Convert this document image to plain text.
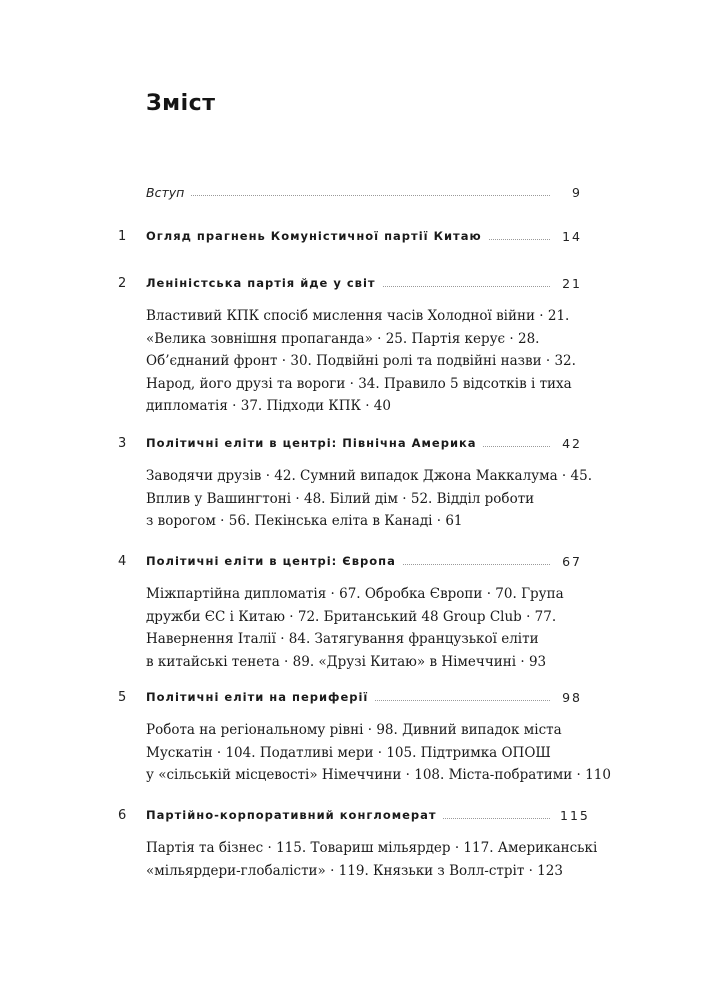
Зміст
Вступ	9
1 Огляд прагнень Комуністичної партії Китаю	14
2 Леніністська партія йде у світ	21
Властивий КПК спосіб мислення часів Холодної війни · 21.
«Велика зовнішня пропаганда» · 25. Партія керує · 28.
Об’єднаний фронт · 30. Подвійні ролі та подвійні назви · 32.
Народ, його друзі та вороги · 34. Правило 5 відсотків і тиха
дипломатія · 37. Підходи КПК · 40
3 Політичні еліти в центрі: Північна Америка	42
Заводячи друзів · 42. Сумний випадок Джона Маккалума · 45.
Вплив у Вашингтоні · 48. Білий дім · 52. Відділ роботи
з ворогом · 56. Пекінська еліта в Канаді · 61
4 Політичні еліти в центрі: Європа	67
Міжпартійна дипломатія · 67. Обробка Європи · 70. Група
дружби ЄС і Китаю · 72. Британський 48 Group Club · 77.
Навернення Італії · 84. Затягування французької еліти
в китайські тенета · 89. «Друзі Китаю» в Німеччині · 93
5 Політичні еліти на периферії	98
Робота на регіональному рівні · 98. Дивний випадок міста
Мускатін · 104. Податливі мери · 105. Підтримка ОПОШ
у «сільській місцевості» Німеччини · 108. Міста-побратими · 110
6 Партійно-корпоративний конгломерат	115
Партія та бізнес · 115. Товариш мільярдер · 117. Американські
«мільярдери-глобалісти» · 119. Князьки з Волл-стріт · 123
